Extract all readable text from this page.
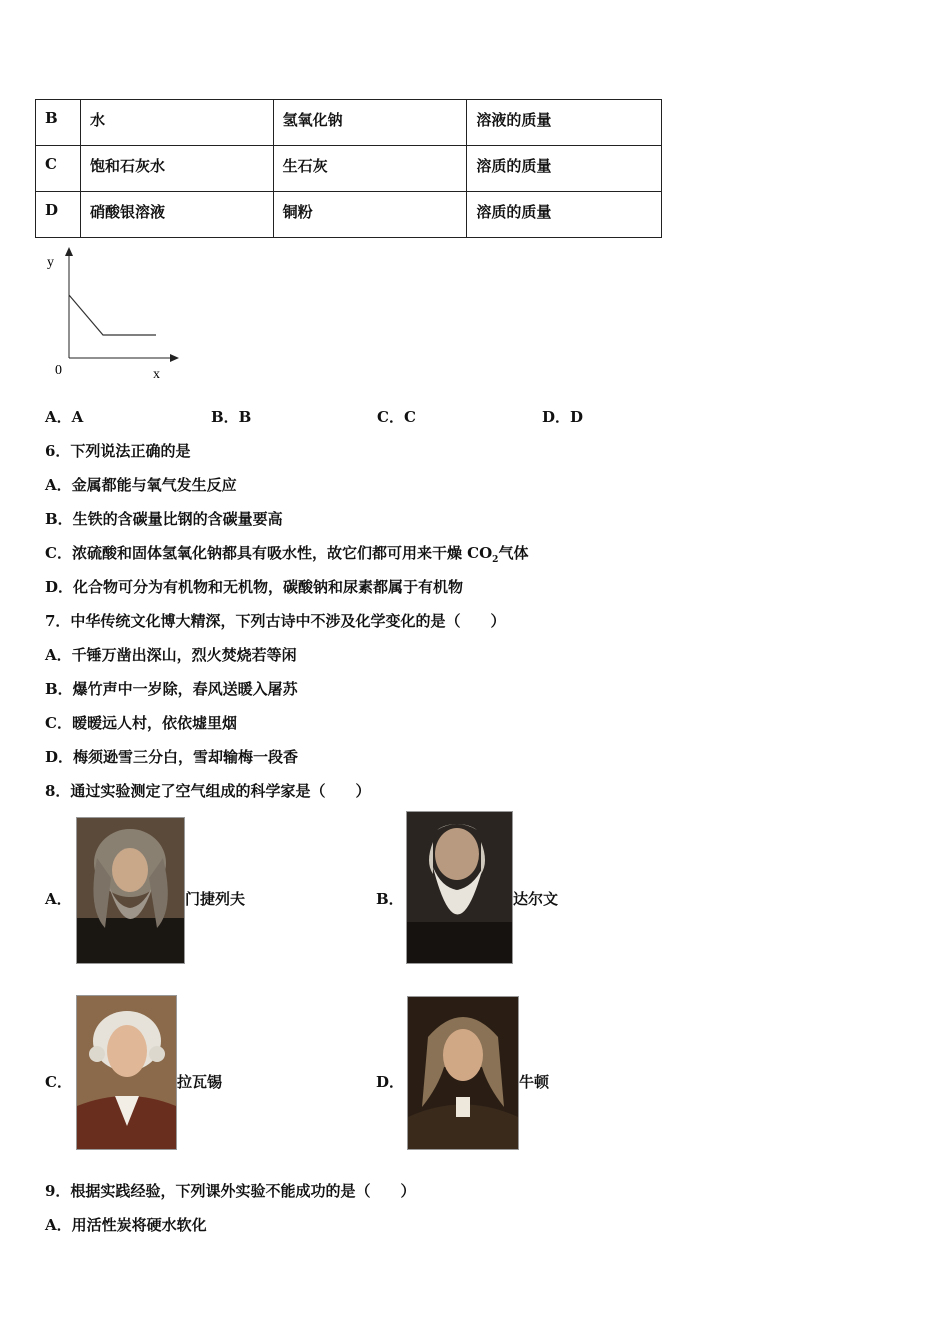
B	水	氢氧化钠	溶液的质量
C	饱和石灰水	生石灰	溶质的质量
D	硝酸银溶液	铜粉	溶质的质量
y
x
0
A．A	B．B	C．C	D．D
6．下列说法正确的是
A．金属都能与氧气发生反应
B．生铁的含碳量比钢的含碳量要高
C．浓硫酸和固体氢氧化钠都具有吸水性，故它们都可用来干燥 $CO_2$气体
D．化合物可分为有机物和无机物，碳酸钠和尿素都属于有机物
7．中华传统文化博大精深，下列古诗中不涉及化学变化的是（　　）
A．千锤万凿出深山，烈火焚烧若等闲
B．爆竹声中一岁除，春风送暖入屠苏
C．暧暧远人村，依依墟里烟
D．梅须逊雪三分白，雪却输梅一段香
8．通过实验测定了空气组成的科学家是（　　）
A．	门捷列夫	B．	达尔文
C．	拉瓦锡	D．	牛顿
9．根据实践经验，下列课外实验不能成功的是（　　）
A．用活性炭将硬水软化
